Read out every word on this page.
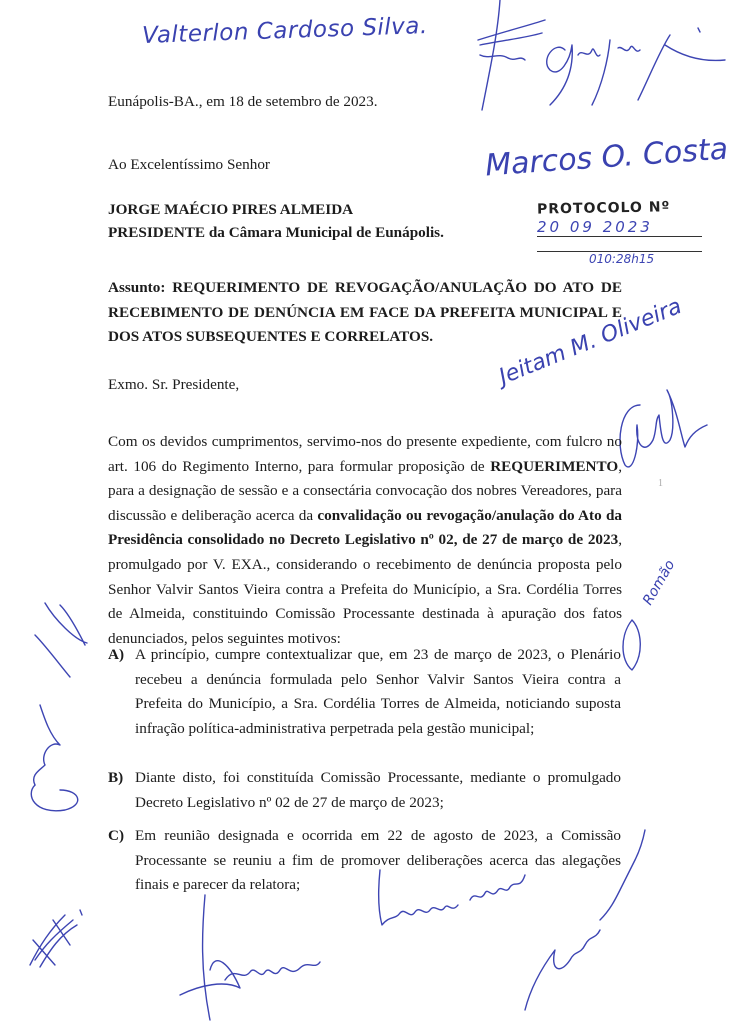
Valterlon Cardoso Silva.
Eunápolis-BA., em 18 de setembro de 2023.
Ao Excelentíssimo Senhor	Marcos O. Costa
JORGE MAÉCIO PIRES ALMEIDA
PRESIDENTE da Câmara Municipal de Eunápolis.
PROTOCOLO Nº
20 09 2023
010:28h15
Assunto: REQUERIMENTO DE REVOGAÇÃO/ANULAÇÃO DO ATO DE RECEBIMENTO DE DENÚNCIA EM FACE DA PREFEITA MUNICIPAL E DOS ATOS SUBSEQUENTES E CORRELATOS.	Jeitam M. Oliveira
Exmo. Sr. Presidente,
Com os devidos cumprimentos, servimo-nos do presente expediente, com fulcro no art. 106 do Regimento Interno, para formular proposição de REQUERIMENTO, para a designação de sessão e a consectária convocação dos nobres Vereadores, para discussão e deliberação acerca da convalidação ou revogação/anulação do Ato da Presidência consolidado no Decreto Legislativo nº 02, de 27 de março de 2023, promulgado por V. EXA., considerando o recebimento de denúncia proposta pelo Senhor Valvir Santos Vieira contra a Prefeita do Município, a Sra. Cordélia Torres de Almeida, constituindo Comissão Processante destinada à apuração dos fatos denunciados, pelos seguintes motivos:
1
Romão
A) A princípio, cumpre contextualizar que, em 23 de março de 2023, o Plenário recebeu a denúncia formulada pelo Senhor Valvir Santos Vieira contra a Prefeita do Município, a Sra. Cordélia Torres de Almeida, noticiando suposta infração política-administrativa perpetrada pela gestão municipal;
B) Diante disto, foi constituída Comissão Processante, mediante o promulgado Decreto Legislativo nº 02 de 27 de março de 2023;
C) Em reunião designada e ocorrida em 22 de agosto de 2023, a Comissão Processante se reuniu a fim de promover deliberações acerca das alegações finais e parecer da relatora;
